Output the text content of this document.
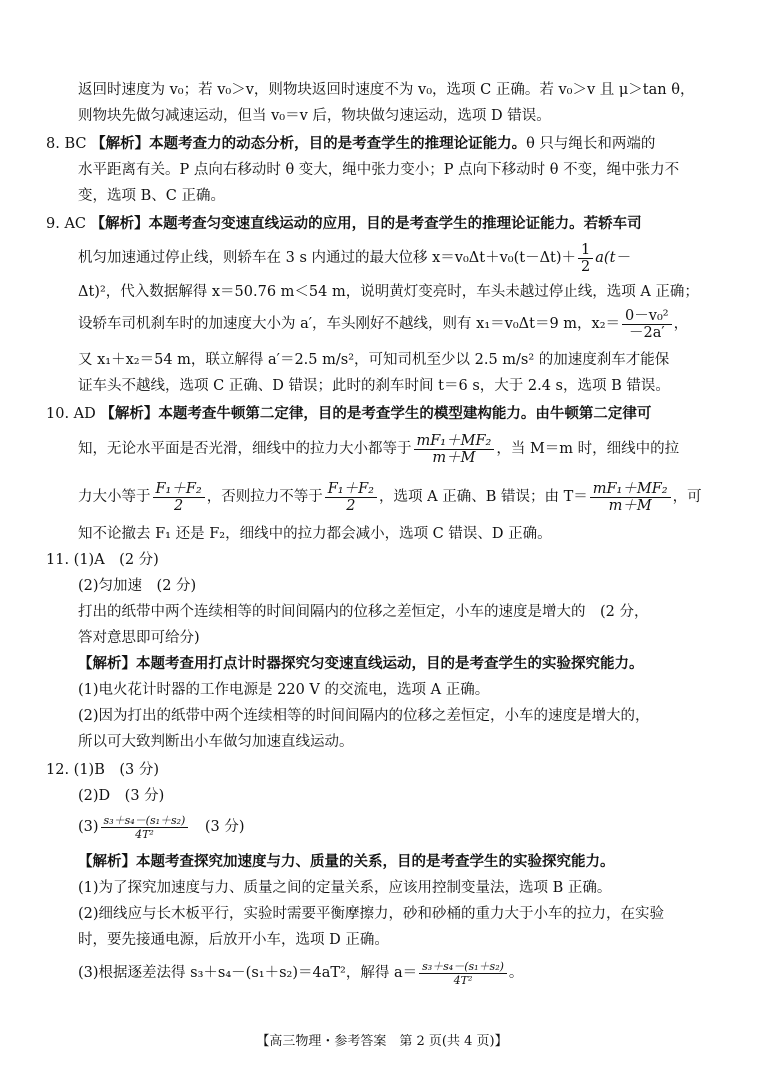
返回时速度为 v₀；若 v₀＞v，则物块返回时速度不为 v₀，选项 C 正确。若 v₀＞v 且 μ＞tan θ，
则物块先做匀减速运动，但当 v₀＝v 后，物块做匀速运动，选项 D 错误。
8. BC 【解析】本题考查力的动态分析，目的是考查学生的推理论证能力。θ 只与绳长和两端的
水平距离有关。P 点向右移动时 θ 变大，绳中张力变小；P 点向下移动时 θ 不变，绳中张力不
变，选项 B、C 正确。
9. AC 【解析】本题考查匀变速直线运动的应用，目的是考查学生的推理论证能力。若轿车司
机匀加速通过停止线，则轿车在 3 s 内通过的最大位移 $x=v_0\Delta t+v_0(t-\Delta t)+ \frac{1}{2} a(t-$
Δt)²，代入数据解得 x＝50.76 m＜54 m，说明黄灯变亮时，车头未越过停止线，选项 A 正确；
设轿车司机刹车时的加速度大小为 a′，车头刚好不越线，则有 x₁＝v₀Δt＝9 m，$x_2= \frac{\text{0－v₀²}}{-2a'}$ ，
又 x₁＋x₂＝54 m，联立解得 a′＝2.5 m/s²，可知司机至少以 2.5 m/s² 的加速度刹车才能保
证车头不越线，选项 C 正确、D 错误；此时的刹车时间 t＝6 s，大于 2.4 s，选项 B 错误。
10. AD 【解析】本题考查牛顿第二定律，目的是考查学生的模型建构能力。由牛顿第二定律可
知，无论水平面是否光滑，细线中的拉力大小都等于 $\frac{\text{mF₁＋MF₂}}{m+M}$ ，当 M＝m 时，细线中的拉
力大小等于 $\frac{\text{F₁＋F₂}}{2}$ ，否则拉力不等于 $\frac{\text{F₁＋F₂}}{2}$ ，选项 A 正确、B 错误；由 $T= \frac{\text{mF₁＋MF₂}}{m+M}$ ，可
知不论撤去 F₁ 还是 F₂，细线中的拉力都会减小，选项 C 错误、D 正确。
11. (1)A　(2 分)
(2)匀加速　(2 分)
打出的纸带中两个连续相等的时间间隔内的位移之差恒定，小车的速度是增大的　(2 分，
答对意思即可给分)
【解析】本题考查用打点计时器探究匀变速直线运动，目的是考查学生的实验探究能力。
(1)电火花计时器的工作电源是 220 V 的交流电，选项 A 正确。
(2)因为打出的纸带中两个连续相等的时间间隔内的位移之差恒定，小车的速度是增大的，
所以可大致判断出小车做匀加速直线运动。
12. (1)B　(3 分)
(2)D　(3 分)
$(3) \frac{\text{s₃＋s₄－(s₁＋s₂)}}{\text{4T²}}$ 　(3 分)
【解析】本题考查探究加速度与力、质量的关系，目的是考查学生的实验探究能力。
(1)为了探究加速度与力、质量之间的定量关系，应该用控制变量法，选项 B 正确。
(2)细线应与长木板平行，实验时需要平衡摩擦力，砂和砂桶的重力大于小车的拉力，在实验
时，要先接通电源，后放开小车，选项 D 正确。
(3)根据逐差法得 s₃＋s₄－(s₁＋s₂)＝4aT²，解得 $a= \frac{\text{s₃＋s₄－(s₁＋s₂)}}{\text{4T²}}$ 。
【高三物理・参考答案　第 2 页(共 4 页)】
